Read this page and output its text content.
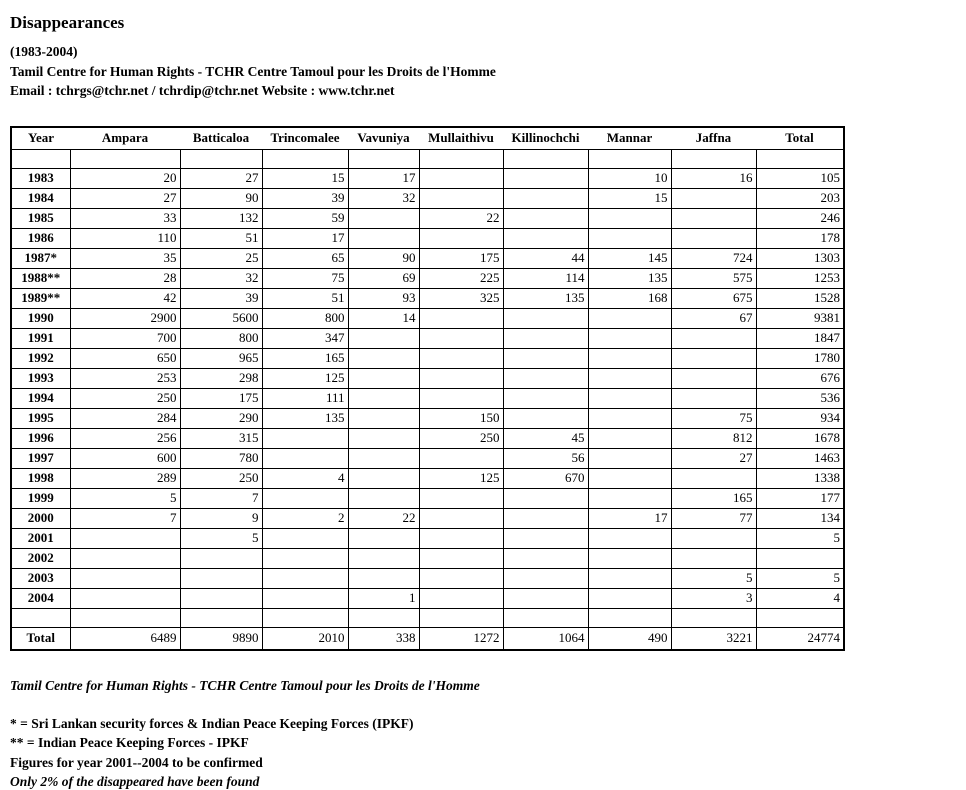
Disappearances
(1983-2004)
Tamil Centre for Human Rights - TCHR Centre Tamoul pour les Droits de l'Homme
Email : tchrgs@tchr.net / tchrdip@tchr.net Website : www.tchr.net
Year	Ampara	Batticaloa	Trincomalee	Vavuniya	Mullaithivu	Killinochchi	Mannar	Jaffna	Total

1983	20	27	15	17			10	16	105
1984	27	90	39	32			15		203
1985	33	132	59		22				246
1986	110	51	17						178
1987*	35	25	65	90	175	44	145	724	1303
1988**	28	32	75	69	225	114	135	575	1253
1989**	42	39	51	93	325	135	168	675	1528
1990	2900	5600	800	14				67	9381
1991	700	800	347						1847
1992	650	965	165						1780
1993	253	298	125						676
1994	250	175	111						536
1995	284	290	135		150			75	934
1996	256	315			250	45		812	1678
1997	600	780				56		27	1463
1998	289	250	4		125	670			1338
1999	5	7						165	177
2000	7	9	2	22			17	77	134
2001		5							5
2002									
2003								5	5
2004				1				3	4

Total	6489	9890	2010	338	1272	1064	490	3221	24774
Tamil Centre for Human Rights - TCHR Centre Tamoul pour les Droits de l'Homme
* = Sri Lankan security forces & Indian Peace Keeping Forces (IPKF)
** = Indian Peace Keeping Forces - IPKF
Figures for year 2001--2004 to be confirmed
Only 2% of the disappeared have been found
